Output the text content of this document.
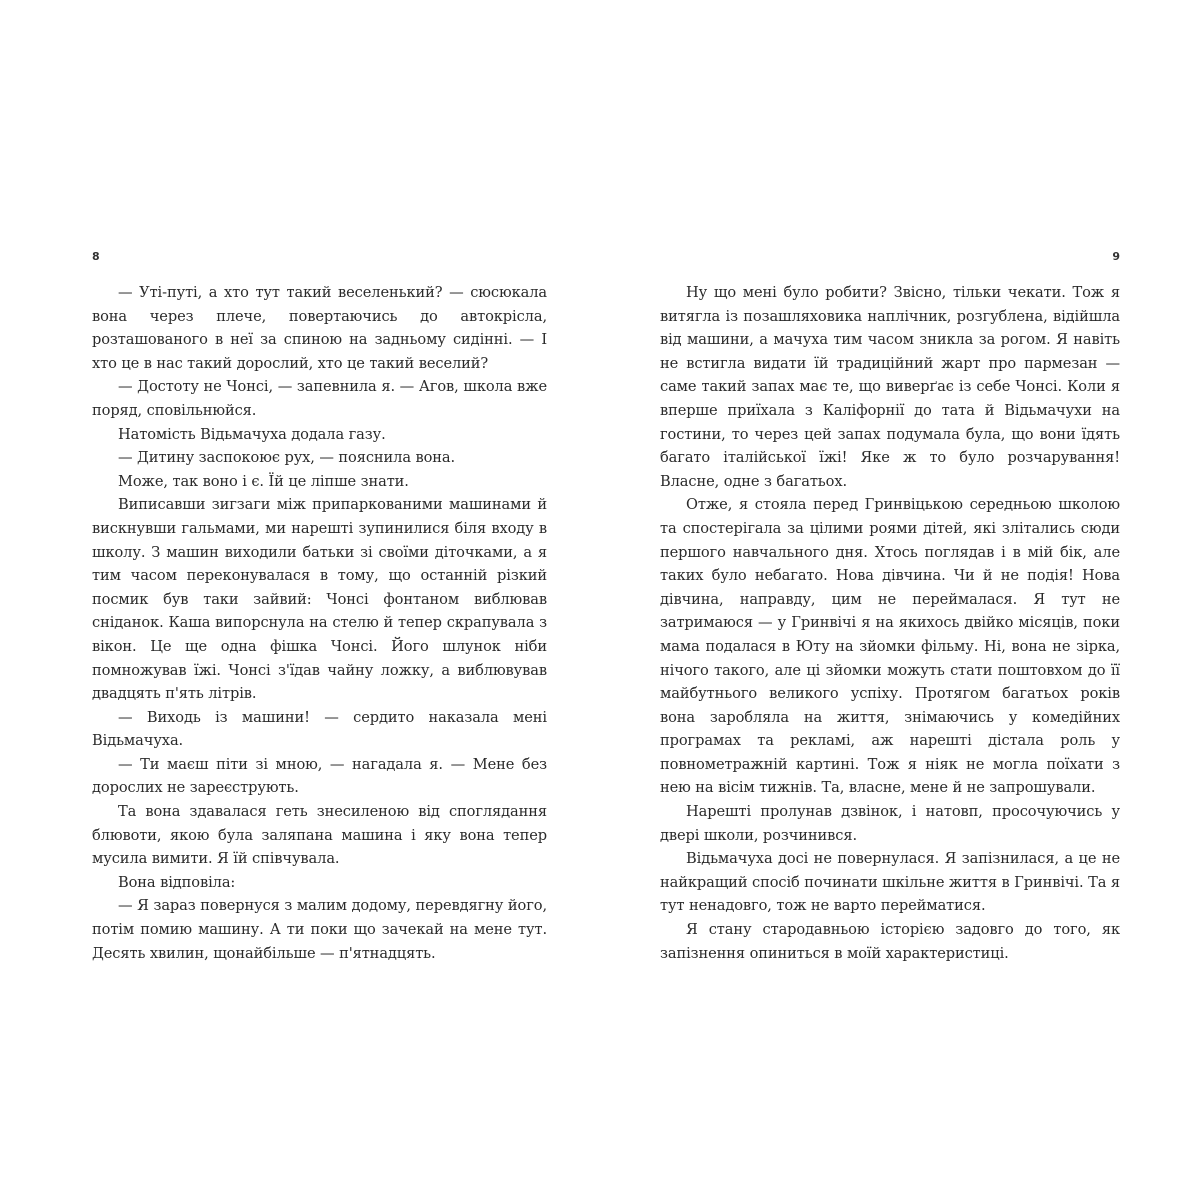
8

— Уті-путі, а хто тут такий веселенький? — сюсюкала вона через плече, повертаючись до автокрісла, розташованого в неї за спиною на задньому сидінні. — І хто це в нас такий дорослий, хто це такий веселий?

— Достоту не Чонсі, — запевнила я. — Агов, школа вже поряд, сповільнюйся.

Натомість Відьмачуха додала газу.

— Дитину заспокоює рух, — пояснила вона.

Може, так воно і є. Їй це ліпше знати.

Виписавши зигзаги між припаркованими машинами й вискнувши гальмами, ми нарешті зупинилися біля входу в школу. З машин виходили батьки зі своїми діточками, а я тим часом переконувалася в тому, що останній різкий посмик був таки зайвий: Чонсі фонтаном виблював сніданок. Каша випорснула на стелю й тепер скрапувала з вікон. Це ще одна фішка Чонсі. Його шлунок ніби помножував їжі. Чонсі з'їдав чайну ложку, а виблювував двадцять п'ять літрів.

— Виходь із машини! — сердито наказала мені Відьмачуха.

— Ти маєш піти зі мною, — нагадала я. — Мене без дорослих не зареєструють.

Та вона здавалася геть знесиленою від споглядання блювоти, якою була заляпана машина і яку вона тепер мусила вимити. Я їй співчувала.

Вона відповіла:

— Я зараз повернуся з малим додому, перевдягну його, потім помию машину. А ти поки що зачекай на мене тут. Десять хвилин, щонайбільше — п'ятнадцять.

9

Ну що мені було робити? Звісно, тільки чекати. Тож я витягла із позашляховика наплічник, розгублена, відійшла від машини, а мачуха тим часом зникла за рогом. Я навіть не встигла видати їй традиційний жарт про пармезан — саме такий запах має те, що виверґає із себе Чонсі. Коли я вперше приїхала з Каліфорнії до тата й Відьмачухи на гостини, то через цей запах подумала була, що вони їдять багато італійської їжі! Яке ж то було розчарування! Власне, одне з багатьох.

Отже, я стояла перед Гринвіцькою середньою школою та спостерігала за цілими роями дітей, які злітались сюди першого навчального дня. Хтось поглядав і в мій бік, але таких було небагато. Нова дівчина. Чи й не подія! Нова дівчина, направду, цим не переймалася. Я тут не затримаюся — у Гринвічі я на якихось двійко місяців, поки мама подалася в Юту на зйомки фільму. Ні, вона не зірка, нічого такого, але ці зйомки можуть стати поштовхом до її майбутнього великого успіху. Протягом багатьох років вона заробляла на життя, знімаючись у комедійних програмах та рекламі, аж нарешті дістала роль у повнометражній картині. Тож я ніяк не могла поїхати з нею на вісім тижнів. Та, власне, мене й не запрошували.

Нарешті пролунав дзвінок, і натовп, просочуючись у двері школи, розчинився.

Відьмачуха досі не повернулася. Я запізнилася, а це не найкращий спосіб починати шкільне життя в Гринвічі. Та я тут ненадовго, тож не варто перейматися.

Я стану стародавньою історією задовго до того, як запізнення опиниться в моїй характеристиці.
